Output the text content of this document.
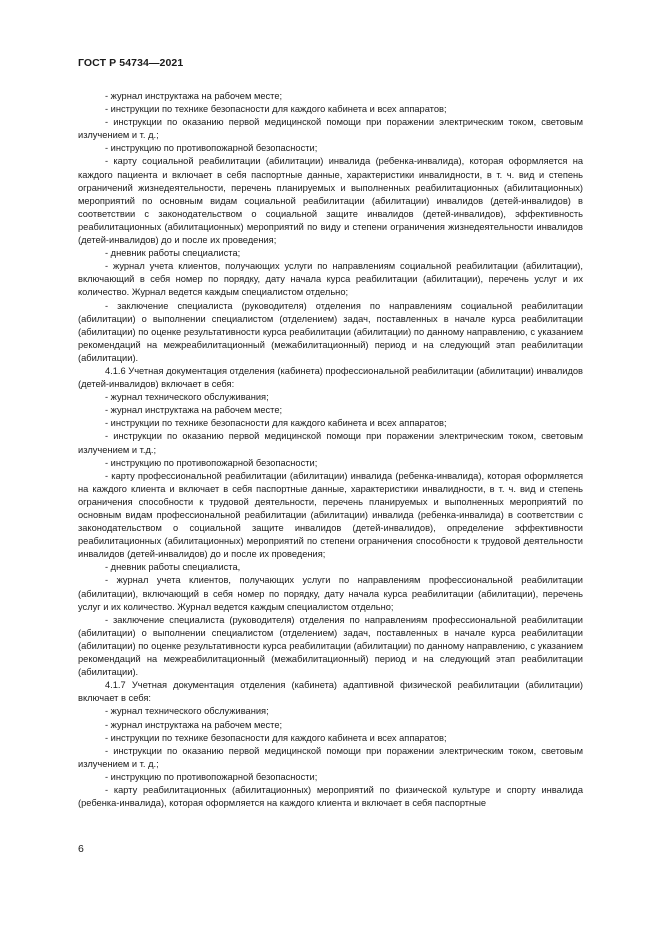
ГОСТ Р 54734—2021

- журнал инструктажа на рабочем месте;

- инструкции по технике безопасности для каждого кабинета и всех аппаратов;

- инструкции по оказанию первой медицинской помощи при поражении электрическим током, световым излучением и т. д.;

- инструкцию по противопожарной безопасности;

- карту социальной реабилитации (абилитации) инвалида (ребенка-инвалида), которая оформляется на каждого пациента и включает в себя паспортные данные, характеристики инвалидности, в т. ч. вид и степень ограничений жизнедеятельности, перечень планируемых и выполненных реабилитационных (абилитационных) мероприятий по основным видам социальной реабилитации (абилитации) инвалидов (детей-инвалидов) в соответствии с законодательством о социальной защите инвалидов (детей-инвалидов), эффективность реабилитационных (абилитационных) мероприятий по виду и степени ограничения жизнедеятельности инвалидов (детей-инвалидов) до и после их проведения;

- дневник работы специалиста;

- журнал учета клиентов, получающих услуги по направлениям социальной реабилитации (абилитации), включающий в себя номер по порядку, дату начала курса реабилитации (абилитации), перечень услуг и их количество. Журнал ведется каждым специалистом отдельно;

- заключение специалиста (руководителя) отделения по направлениям социальной реабилитации (абилитации) о выполнении специалистом (отделением) задач, поставленных в начале курса реабилитации (абилитации) по оценке результативности курса реабилитации (абилитации) по данному направлению, с указанием рекомендаций на межреабилитационный (межабилитационный) период и на следующий этап реабилитации (абилитации).

4.1.6 Учетная документация отделения (кабинета) профессиональной реабилитации (абилитации) инвалидов (детей-инвалидов) включает в себя:

- журнал технического обслуживания;

- журнал инструктажа на рабочем месте;

- инструкции по технике безопасности для каждого кабинета и всех аппаратов;

- инструкции по оказанию первой медицинской помощи при поражении электрическим током, световым излучением и т.д.;

- инструкцию по противопожарной безопасности;

- карту профессиональной реабилитации (абилитации) инвалида (ребенка-инвалида), которая оформляется на каждого клиента и включает в себя паспортные данные, характеристики инвалидности, в т. ч. вид и степень ограничения способности к трудовой деятельности, перечень планируемых и выполненных мероприятий по основным видам профессиональной реабилитации (абилитации) инвалида (ребенка-инвалида) в соответствии с законодательством о социальной защите инвалидов (детей-инвалидов), определение эффективности реабилитационных (абилитационных) мероприятий по степени ограничения способности к трудовой деятельности инвалидов (детей-инвалидов) до и после их проведения;

- дневник работы специалиста,

- журнал учета клиентов, получающих услуги по направлениям профессиональной реабилитации (абилитации), включающий в себя номер по порядку, дату начала курса реабилитации (абилитации), перечень услуг и их количество. Журнал ведется каждым специалистом отдельно;

- заключение специалиста (руководителя) отделения по направлениям профессиональной реабилитации (абилитации) о выполнении специалистом (отделением) задач, поставленных в начале курса реабилитации (абилитации) по оценке результативности курса реабилитации (абилитации) по данному направлению, с указанием рекомендаций на межреабилитационный (межабилитационный) период и на следующий этап реабилитации (абилитации).

4.1.7 Учетная документация отделения (кабинета) адаптивной физической реабилитации (абилитации) включает в себя:

- журнал технического обслуживания;

- журнал инструктажа на рабочем месте;

- инструкции по технике безопасности для каждого кабинета и всех аппаратов;

- инструкции по оказанию первой медицинской помощи при поражении электрическим током, световым излучением и т. д.;

- инструкцию по противопожарной безопасности;

- карту реабилитационных (абилитационных) мероприятий по физической культуре и спорту инвалида (ребенка-инвалида), которая оформляется на каждого клиента и включает в себя паспортные

6
